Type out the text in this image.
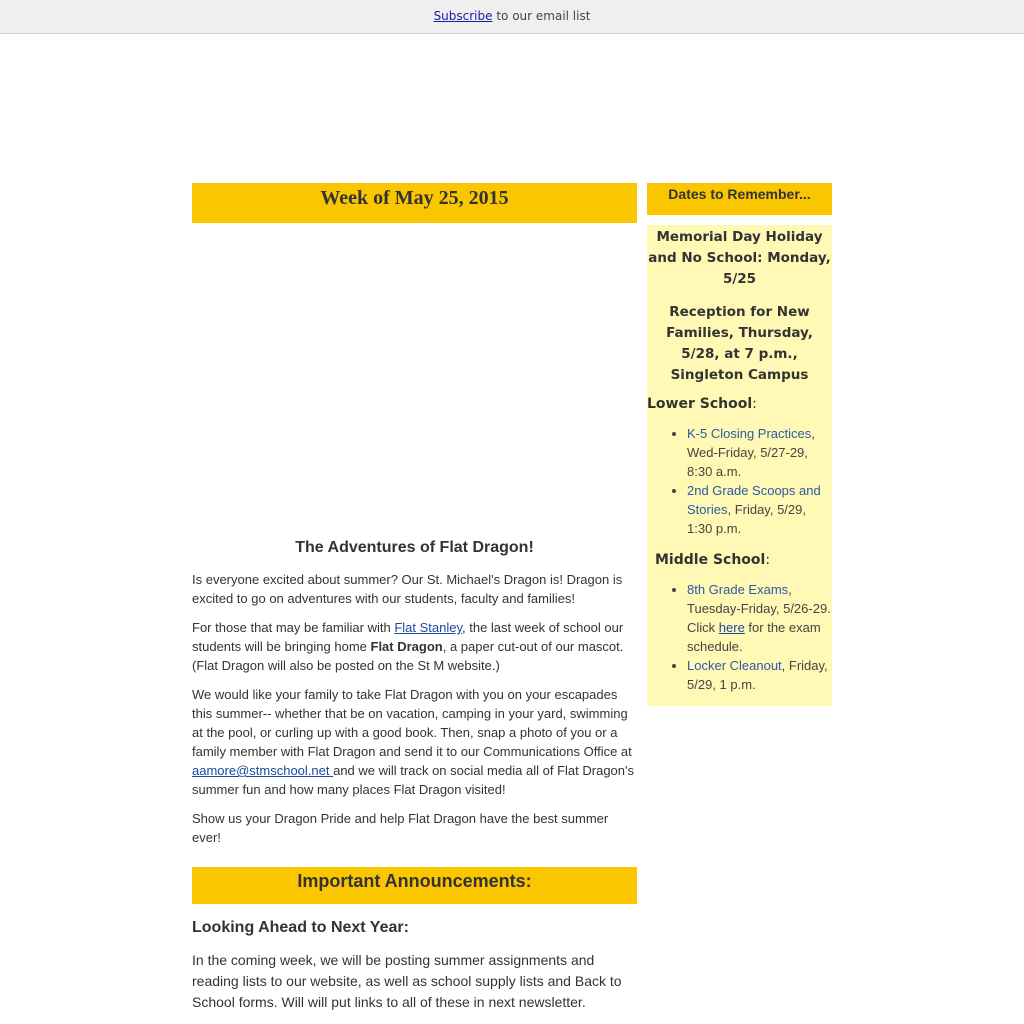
Subscribe to our email list
Week of May 25, 2015
The Adventures of Flat Dragon!

Is everyone excited about summer? Our St. Michael's Dragon is! Dragon is excited to go on adventures with our students, faculty and families!

For those that may be familiar with Flat Stanley, the last week of school our students will be bringing home Flat Dragon, a paper cut-out of our mascot. (Flat Dragon will also be posted on the St M website.)

We would like your family to take Flat Dragon with you on your escapades this summer-- whether that be on vacation, camping in your yard, swimming at the pool, or curling up with a good book. Then, snap a photo of you or a family member with Flat Dragon and send it to our Communications Office at aamore@stmschool.net and we will track on social media all of Flat Dragon's summer fun and how many places Flat Dragon visited!

Show us your Dragon Pride and help Flat Dragon have the best summer ever!

Important Announcements:
Looking Ahead to Next Year:

In the coming week, we will be posting summer assignments and reading lists to our website, as well as school supply lists and Back to School forms. Will will put links to all of these in next newsletter.

Dates to Remember...

Memorial Day Holiday and No School: Monday, 5/25

Reception for New Families, Thursday, 5/28, at 7 p.m., Singleton Campus

Lower School:
• K-5 Closing Practices, Wed-Friday, 5/27-29, 8:30 a.m.
• 2nd Grade Scoops and Stories, Friday, 5/29, 1:30 p.m.
Middle School:
• 8th Grade Exams, Tuesday-Friday, 5/26-29. Click here for the exam schedule.
• Locker Cleanout, Friday, 5/29, 1 p.m.
